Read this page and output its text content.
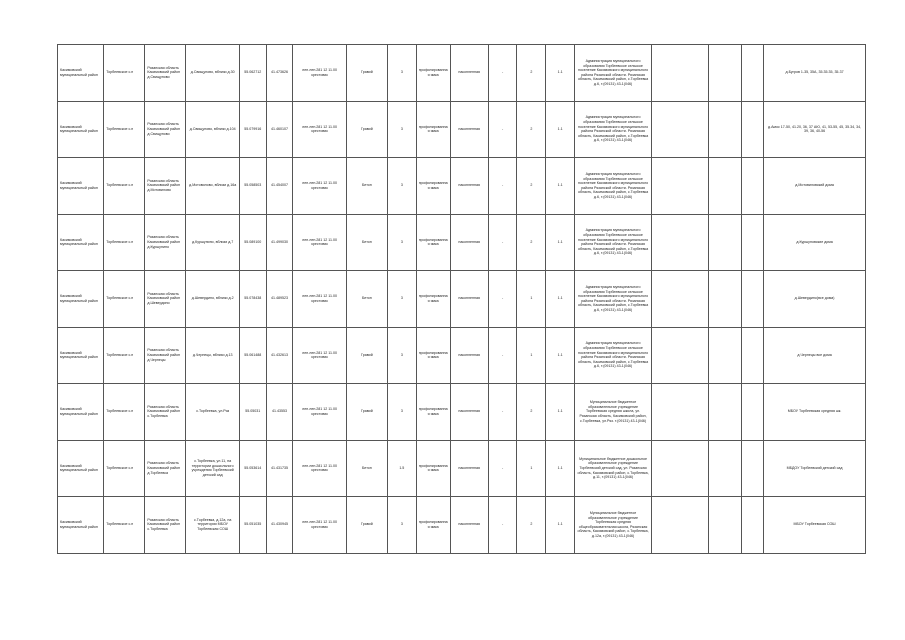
Касимовский муниципальный район	Торбеевское с.п	Рязанская область Касимовский район д.Свищуново	д.Свищуново, вблизи д.30	55.062712	41.473626	лен.лен.281 12 11.00 крестовик	Гравий	3	профилированная ямка	накопленная	-	2	1.1	Администрация муниципального образования Торбеевское сельское поселение Касимовского муниципального района Рязанской области. Рязанская область, Касимовский район, с.Торбеевка д.6, т.(09131) 43-1(046)				д.Бугров 1-35, 35А, 35.35.35, 35-37
Касимовский муниципальный район	Торбеевское с.п	Рязанская область Касимовский район д.Свищуново	д.Свищуново, вблизи д.104	55.079916	41.460107	лен.лен.281 12 11.00 крестовик	Гравий	3	профилированная ямка	накопленная	-	2	1.1	Администрация муниципального образования Торбеевское сельское поселение Касимовского муниципального района Рязанской области. Рязанская область, Касимовский район, с.Торбеевка д.6, т.(09131) 43-1(046)				д.Амос 17-50, 41.20, 36, 37 АЮ, 41, 53-55, 45, 35.34, 34, 39, 36, 40-56
Касимовский муниципальный район	Торбеевское с.п	Рязанская область Касимовский район д.Мотовилово	д.Мотовилово, вблизи д.16а	55.058503	41.454007	лен.лен.281 12 11.00 крестовик	Бетон	3	профилированная ямка	накопленная	-	2	1.1	Администрация муниципального образования Торбеевское сельское поселение Касимовского муниципального района Рязанской области. Рязанская область, Касимовский район, с.Торбеевка д.6, т.(09131) 43-1(046)				д.Мотовиловский дома
Касимовский муниципальный район	Торбеевское с.п	Рязанская область Касимовский район д.Куршунино	д.Куршунино, вблизи д.7	55.089100	41.499030	лен.лен.281 12 11.00 крестовик	Бетон	3	профилированная ямка	накопленная	-	2	1.1	Администрация муниципального образования Торбеевское сельское поселение Касимовского муниципального района Рязанской области. Рязанская область, Касимовский район, с.Торбеевка д.6, т.(09131) 43-1(046)				д.Куршуновские дома
Касимовский муниципальный район	Торбеевское с.п	Рязанская область Касимовский район д.Шевердино	д.Шевердино, вблизи д.2	55.078438	41.489523	лен.лен.281 12 11.00 крестовик	Бетон	3	профилированная ямка	накопленная	-	1	1.1	Администрация муниципального образования Торбеевское сельское поселение Касимовского муниципального района Рязанской области. Рязанская область, Касимовский район, с.Торбеевка д.6, т.(09131) 43-1(046)				д.Шевердино(все дома)
Касимовский муниципальный район	Торбеевское с.п	Рязанская область Касимовский район д.Чернецы	д.Чернецы, вблизи д.13	55.061488	41.432613	лен.лен.281 12 11.00 крестовик	Гравий	3	профилированная ямка	накопленная	-	1	1.1	Администрация муниципального образования Торбеевское сельское поселение Касимовского муниципального района Рязанской области. Рязанская область, Касимовский район, с.Торбеевка д.6, т.(09131) 43-1(046)				д.Чернецы все дома
Касимовский муниципальный район	Торбеевское с.п	Рязанская область Касимовский район с.Торбеевка	с.Торбеевка, ул.Ряз	55.05031	41.43553	лен.лен.281 12 11.00 крестовик	Гравий	3	профилированная ямка	накопленная	-	2	1.1	Муниципальное бюджетное образовательное учреждение Торбеевская средняя школа, ул. Рязанская область, Касимовский район, с.Торбеевка, ул.Ряз. т.(09131) 43-1(046)				МБОУ Торбеевская средняя шк.
Касимовский муниципальный район	Торбеевское с.п	Рязанская область Касимовский район д.Торбеевка	с.Торбеевка, ул.11, на территории дошкольного учреждения Торбеевский детский сад	55.053614	41.431735	лен.лен.281 12 11.00 крестовик	Бетон	1.5	профилированная ямка	накопленная	-	1	1.1	Муниципальное бюджетное дошкольное образовательное учреждение Торбеевский детский сад, ул. Рязанская область, Касимовский район, с.Торбеевка, д.11, т.(09131) 43-1(046)				МБДОУ Торбеевский детский сад
Касимовский муниципальный район	Торбеевское с.п	Рязанская область Касимовский район с.Торбеевка	с.Торбеевка, д.12а, на территории МБОУ Торбеевская СОШ	55.051035	41.430945	лен.лен.281 12 11.00 крестовик	Гравий	3	профилированная ямка	накопленная	-	2	1.1	Муниципальное бюджетное образовательное учреждение Торбеевская средняя общеобразовательная школа, Рязанская область, Касимовский район, с.Торбеевка, д.12а, т.(09131) 43-1(046)				МБОУ Торбеевская СОШ
